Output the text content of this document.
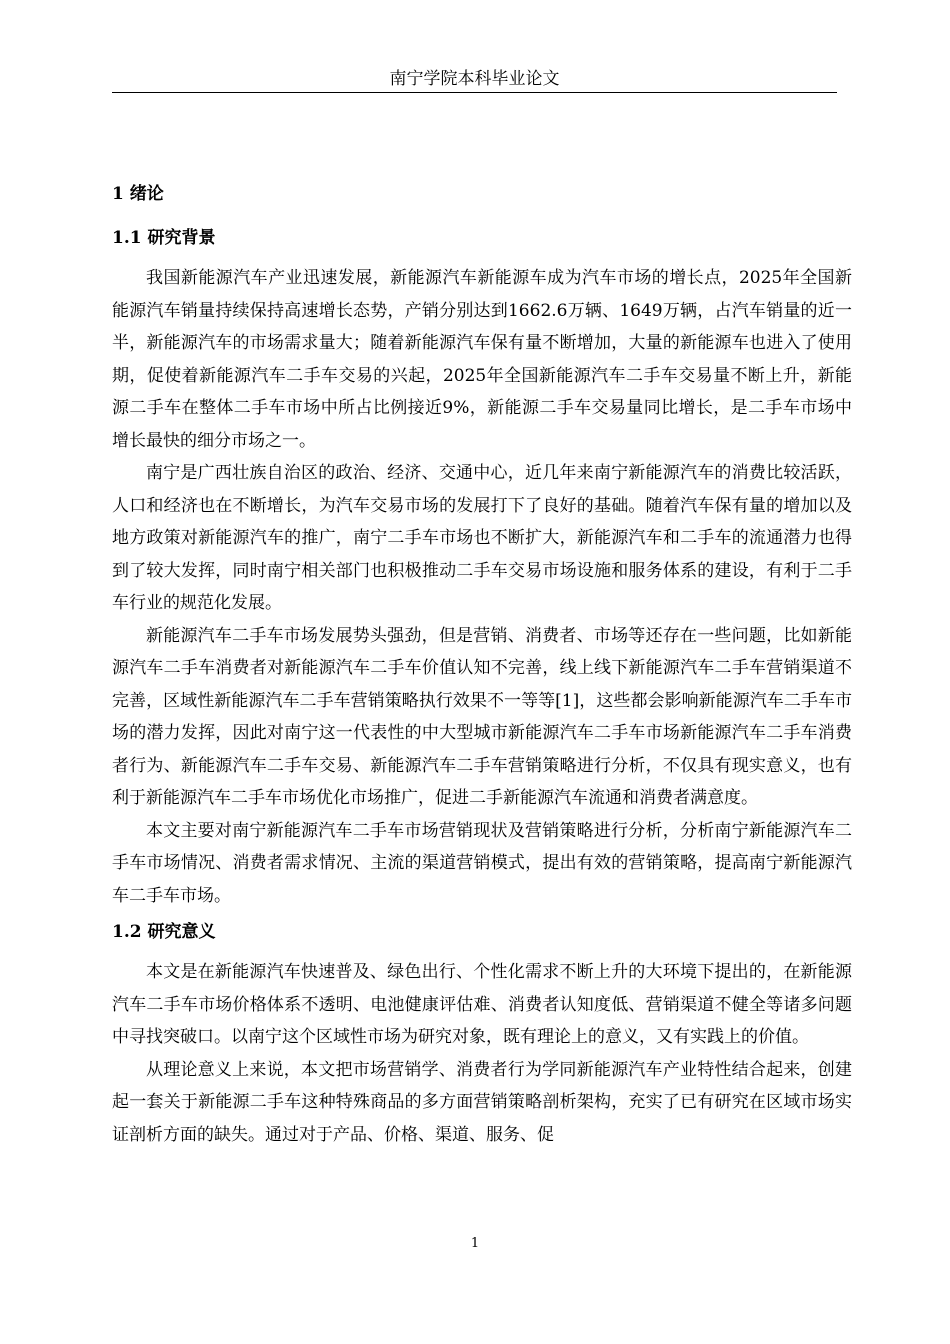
南宁学院本科毕业论文
1 绪论
1.1 研究背景

我国新能源汽车产业迅速发展，新能源汽车新能源车成为汽车市场的增长点，2025年全国新能源汽车销量持续保持高速增长态势，产销分别达到1662.6万辆、1649万辆，占汽车销量的近一半，新能源汽车的市场需求量大；随着新能源汽车保有量不断增加，大量的新能源车也进入了使用期，促使着新能源汽车二手车交易的兴起，2025年全国新能源汽车二手车交易量不断上升，新能源二手车在整体二手车市场中所占比例接近9%，新能源二手车交易量同比增长，是二手车市场中增长最快的细分市场之一。

南宁是广西壮族自治区的政治、经济、交通中心，近几年来南宁新能源汽车的消费比较活跃，人口和经济也在不断增长，为汽车交易市场的发展打下了良好的基础。随着汽车保有量的增加以及地方政策对新能源汽车的推广，南宁二手车市场也不断扩大，新能源汽车和二手车的流通潜力也得到了较大发挥，同时南宁相关部门也积极推动二手车交易市场设施和服务体系的建设，有利于二手车行业的规范化发展。

新能源汽车二手车市场发展势头强劲，但是营销、消费者、市场等还存在一些问题，比如新能源汽车二手车消费者对新能源汽车二手车价值认知不完善，线上线下新能源汽车二手车营销渠道不完善，区域性新能源汽车二手车营销策略执行效果不一等等[1]，这些都会影响新能源汽车二手车市场的潜力发挥，因此对南宁这一代表性的中大型城市新能源汽车二手车市场新能源汽车二手车消费者行为、新能源汽车二手车交易、新能源汽车二手车营销策略进行分析，不仅具有现实意义，也有利于新能源汽车二手车市场优化市场推广，促进二手新能源汽车流通和消费者满意度。

本文主要对南宁新能源汽车二手车市场营销现状及营销策略进行分析，分析南宁新能源汽车二手车市场情况、消费者需求情况、主流的渠道营销模式，提出有效的营销策略，提高南宁新能源汽车二手车市场。

1.2 研究意义

本文是在新能源汽车快速普及、绿色出行、个性化需求不断上升的大环境下提出的，在新能源汽车二手车市场价格体系不透明、电池健康评估难、消费者认知度低、营销渠道不健全等诸多问题中寻找突破口。以南宁这个区域性市场为研究对象，既有理论上的意义，又有实践上的价值。

从理论意义上来说，本文把市场营销学、消费者行为学同新能源汽车产业特性结合起来，创建起一套关于新能源二手车这种特殊商品的多方面营销策略剖析架构，充实了已有研究在区域市场实证剖析方面的缺失。通过对于产品、价格、渠道、服务、促

1
